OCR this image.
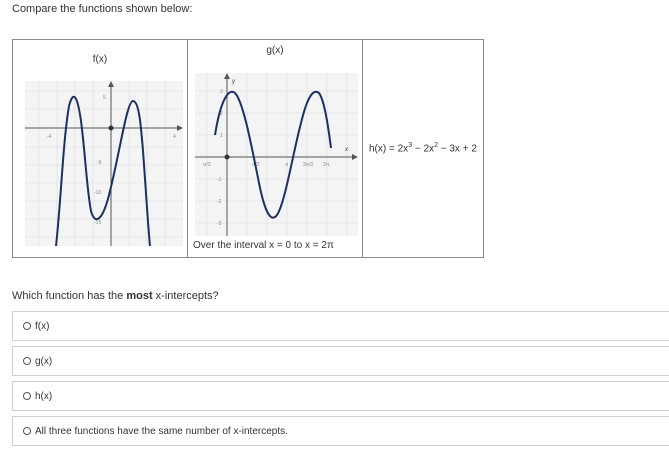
Compare the functions shown below:
f(x)
-4	4
5
-5
-10
-15
g(x)
y
x
π/2	π/2	π	3π/2 2π
3
2
1
-1
-2
-3
Over the interval x = 0 to x = 2π
$h(x) = 2x^3 - 2x^2 - 3x + 2$
Which function has the most x-intercepts?
f(x)
g(x)
h(x)
All three functions have the same number of x-intercepts.
